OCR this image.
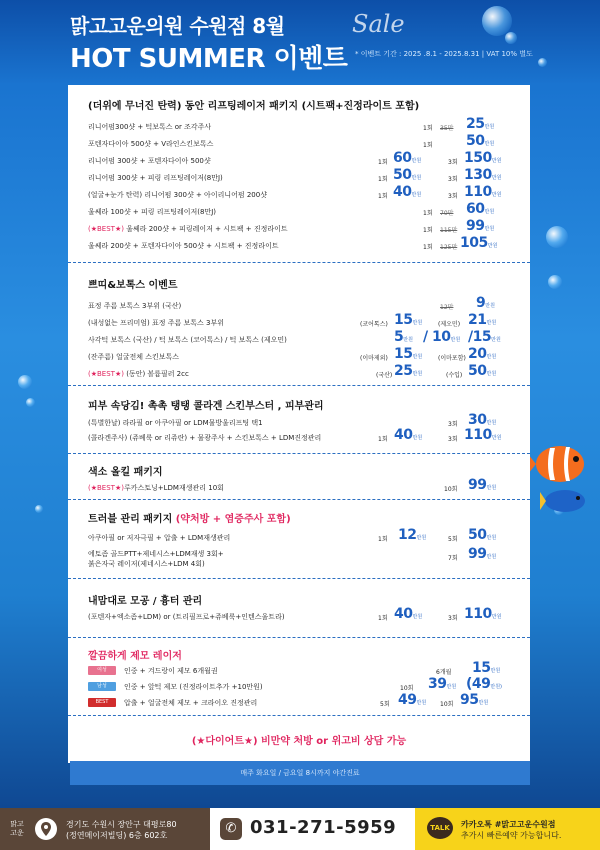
맑고고운의원 수원점 8월
HOT SUMMER 이벤트
Sale
* 이벤트 기간 : 2025 .8.1 - 2025.8.31 | VAT 10% 별도
(더위에 무너진 탄력) 동안 리프팅레이저 패키지 (시트팩+진정라이트 포함)
리니어펌300샷 + 턱보톡스 or 조각주사	1회 35만 25만원
포텐자다이아 500샷 + V라인스킨보톡스	1회 50만원
리니어펌 300샷 + 포텐자다이아 500샷	1회 60만원	3회 150만원
리니어펌 300샷 + 피링 리프팅레이저(8만J)	1회 50만원	3회 130만원
(얼굴+눈가 탄력) 리니어펌 300샷 + 아이리니어펌 200샷	1회 40만원	3회 110만원
울쎄라 100샷 + 피링 리프팅레이저(8만J)	1회 70만 60만원
(★BEST★) 울쎄라 200샷 + 피링레이저 + 시트팩 + 진정라이트	1회 115만 99만원
울쎄라 200샷 + 포텐자다이아 500샷 + 시트팩 + 진정라이트	1회 125만 105만원
쁘띠&보톡스 이벤트
표정 주름 보톡스 3부위 (국산)	12만 9만원
(내성없는 프리미엄) 표정 주름 보톡스 3부위	(코어톡스) 15만원	(제오민) 21만원
사각턱 보톡스 (국산) / 턱 보톡스 (코어톡스) / 턱 보톡스 (제오민)	5만원 / 10만원 /15만원
(잔주름) 얼굴전체 스킨보톡스	(이마제외) 15만원	(이마포함) 20만원
(★BEST★) (동안) 볼륨필러 2cc	(국산) 25만원	(수입) 50만원
피부 속당김! 촉촉 탱탱 콜라겐 스킨부스터 , 피부관리
(특별한날) 라라필 or 아쿠아필 or LDM물방울리프팅 택1	3회 30만원
(콜라겐주사) (쥬베룩 or 리쥬란) + 물광주사 + 스킨보톡스 + LDM진정관리	1회 40만원	3회 110만원
색소 올킬 패키지
(★BEST★)루카스토닝+LDM재생관리 10회	10회 99만원
트러블 관리 패키지 (약처방 + 염증주사 포함)
아쿠아필 or 저자극필 + 압출 + LDM재생관리	1회 12만원	5회 50만원
에토좀 골드PTT+제네시스+LDM재생 3회+
붉은자국 레이저(제네시스+LDM 4회)
7회 99만원
내맘대로 모공 / 흉터 관리
(포텐자+엑소좀+LDM) or (트리필프로+쥬베룩+인텐스울트라)	1회 40만원	3회 110만원
깔끔하게 제모 레이저
여성	인중 + 겨드랑이 제모 6개월권	6개월 15만원
남성	인중 + 앞턱 제모 (진정라이트추가 +10만원)	10회 39만원 (49만원)
BEST	압출 + 얼굴전체 제모 + 크라이오 진정관리	5회 49만원 10회 95만원
(★다이어트★) 비만약 처방 or 위고비 상담 가능
매주 화요일 / 금요일 8시까지 야간진료
맑고
고운
경기도 수원시 장안구 대평로80
(정연메이저빌딩) 6층 602호	✆ 031-271-5959	TALK	카카오톡 #맑고고운수원점
추가시 빠른예약 가능합니다.
